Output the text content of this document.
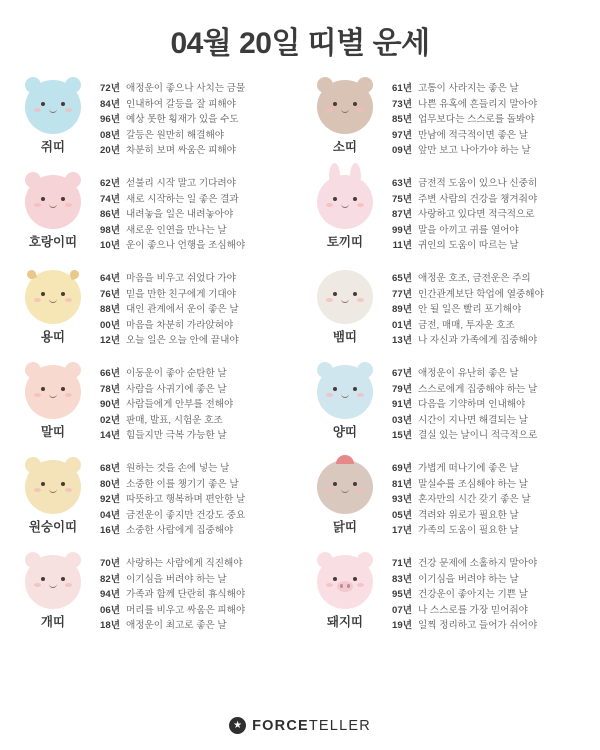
04월 20일 띠별 운세
쥐띠
72년 애정운이 좋으나 사치는 금물
84년 인내하여 갈등을 잘 피해야
96년 예상 못한 횡재가 있을 수도
08년 갈등은 원만히 해결해야
20년 차분히 보며 싸움은 피해야	소띠
61년 고통이 사라지는 좋은 날
73년 나쁜 유혹에 흔들리지 말아야
85년 업무보다는 스스로를 돌봐야
97년 만남에 적극적이면 좋은 날
09년 앞만 보고 나아가야 하는 날
호랑이띠
62년 섣불리 시작 말고 기다려야
74년 새로 시작하는 일 좋은 결과
86년 내려놓을 일은 내려놓아야
98년 새로운 인연을 만나는 날
10년 운이 좋으나 언행을 조심해야	토끼띠
63년 금전적 도움이 있으나 신중히
75년 주변 사람의 건강을 챙겨줘야
87년 사랑하고 있다면 적극적으로
99년 말을 아끼고 귀를 열어야
11년 귀인의 도움이 따르는 날
용띠
64년 마음을 비우고 쉬었다 가야
76년 믿을 만한 친구에게 기대야
88년 대인 관계에서 운이 좋은 날
00년 마음을 차분히 가라앉혀야
12년 오늘 일은 오늘 안에 끝내야	뱀띠
65년 애정운 호조, 금전운은 주의
77년 인간관계보단 학업에 열중해야
89년 안 될 일은 빨리 포기해야
01년 금전, 매매, 투자운 호조
13년 나 자신과 가족에게 집중해야
말띠
66년 이동운이 좋아 순탄한 날
78년 사람을 사귀기에 좋은 날
90년 사람들에게 안부를 전해야
02년 판매, 발표, 시험운 호조
14년 힘들지만 극복 가능한 날	양띠
67년 애정운이 유난히 좋은 날
79년 스스로에게 집중해야 하는 날
91년 다음을 기약하며 인내해야
03년 시간이 지나면 해결되는 날
15년 결실 있는 날이니 적극적으로
원숭이띠
68년 원하는 것을 손에 넣는 날
80년 소중한 이를 챙기기 좋은 날
92년 따뜻하고 행복하며 편안한 날
04년 금전운이 좋지만 건강도 중요
16년 소중한 사람에게 집중해야	닭띠
69년 가볍게 떠나기에 좋은 날
81년 말실수를 조심해야 하는 날
93년 혼자만의 시간 갖기 좋은 날
05년 격려와 위로가 필요한 날
17년 가족의 도움이 필요한 날
개띠
70년 사랑하는 사람에게 직진해야
82년 이기심을 버려야 하는 날
94년 가족과 함께 단란히 휴식해야
06년 머리를 비우고 싸움은 피해야
18년 애정운이 최고로 좋은 날	돼지띠
71년 건강 문제에 소홀하지 말아야
83년 이기심을 버려야 하는 날
95년 건강운이 좋아지는 기쁜 날
07년 나 스스로를 가장 믿어줘야
19년 일찍 정리하고 들어가 쉬어야
★ FORCETELLER
